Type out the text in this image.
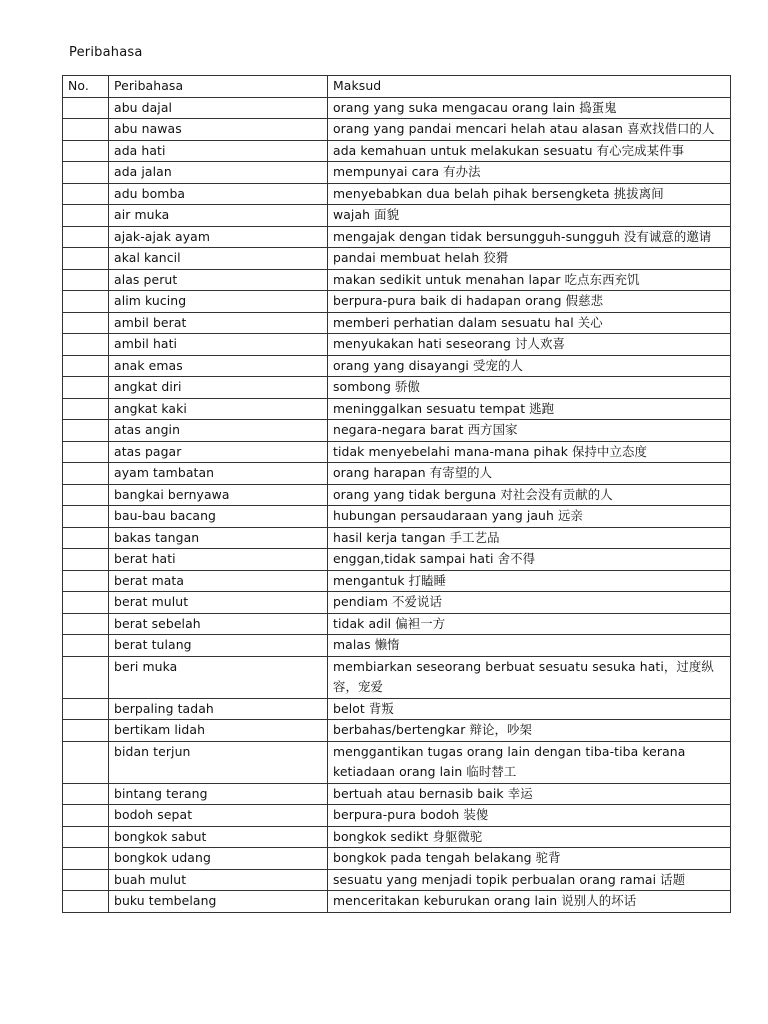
Peribahasa
No.	Peribahasa	Maksud
	abu dajal	orang yang suka mengacau orang lain 捣蛋鬼
	abu nawas	orang yang pandai mencari helah atau alasan 喜欢找借口的人
	ada hati	ada kemahuan untuk melakukan sesuatu 有心完成某件事
	ada jalan	mempunyai cara 有办法
	adu bomba	menyebabkan dua belah pihak bersengketa 挑拔离间
	air muka	wajah 面貌
	ajak-ajak ayam	mengajak dengan tidak bersungguh-sungguh 没有诚意的邀请
	akal kancil	pandai membuat helah 狡猾
	alas perut	makan sedikit untuk menahan lapar 吃点东西充饥
	alim kucing	berpura-pura baik di hadapan orang 假慈悲
	ambil berat	memberi perhatian dalam sesuatu hal 关心
	ambil hati	menyukakan hati seseorang 讨人欢喜
	anak emas	orang yang disayangi 受宠的人
	angkat diri	sombong 骄傲
	angkat kaki	meninggalkan sesuatu tempat 逃跑
	atas angin	negara-negara barat 西方国家
	atas pagar	tidak menyebelahi mana-mana pihak 保持中立态度
	ayam tambatan	orang harapan 有寄望的人
	bangkai bernyawa	orang yang tidak berguna 对社会没有贡献的人
	bau-bau bacang	hubungan persaudaraan yang jauh 远亲
	bakas tangan	hasil kerja tangan 手工艺品
	berat hati	enggan,tidak sampai hati 舍不得
	berat mata	mengantuk 打瞌睡
	berat mulut	pendiam 不爱说话
	berat sebelah	tidak adil 偏袒一方
	berat tulang	malas 懒惰
	beri muka	membiarkan seseorang berbuat sesuatu sesuka hati，过度纵容，宠爱
	berpaling tadah	belot 背叛
	bertikam lidah	berbahas/bertengkar 辩论，吵架
	bidan terjun	menggantikan tugas orang lain dengan tiba-tiba kerana ketiadaan orang lain 临时替工
	bintang terang	bertuah atau bernasib baik 幸运
	bodoh sepat	berpura-pura bodoh 装傻
	bongkok sabut	bongkok sedikt 身躯微驼
	bongkok udang	bongkok pada tengah belakang 驼背
	buah mulut	sesuatu yang menjadi topik perbualan orang ramai 话题
	buku tembelang	menceritakan keburukan orang lain 说别人的坏话
